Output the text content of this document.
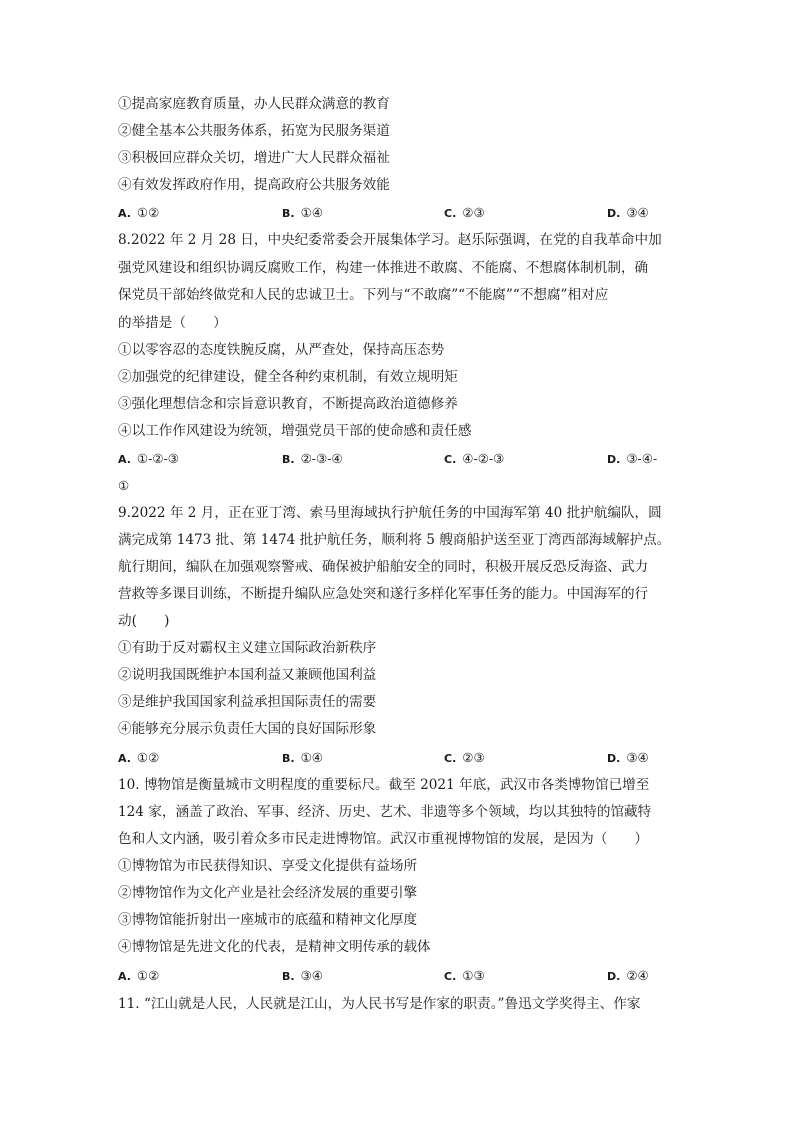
①提高家庭教育质量，办人民群众满意的教育
②健全基本公共服务体系，拓宽为民服务渠道
③积极回应群众关切，增进广大人民群众福祉
④有效发挥政府作用，提高政府公共服务效能
A. ①②	B. ①④	C. ②③	D. ③④
8.2022 年 2 月 28 日，中央纪委常委会开展集体学习。赵乐际强调，在党的自我革命中加
强党风建设和组织协调反腐败工作，构建一体推进不敢腐、不能腐、不想腐体制机制，确
保党员干部始终做党和人民的忠诚卫士。下列与“不敢腐”“不能腐”“不想腐”相对应
的举措是（　　）
①以零容忍的态度铁腕反腐，从严查处，保持高压态势
②加强党的纪律建设，健全各种约束机制，有效立规明矩
③强化理想信念和宗旨意识教育，不断提高政治道德修养
④以工作作风建设为统领，增强党员干部的使命感和责任感
A. ①-②-③	B. ②-③-④	C. ④-②-③	D. ③-④-
①
9.2022 年 2 月，正在亚丁湾、索马里海域执行护航任务的中国海军第 40 批护航编队，圆
满完成第 1473 批、第 1474 批护航任务，顺利将 5 艘商船护送至亚丁湾西部海域解护点。
航行期间，编队在加强观察警戒、确保被护船舶安全的同时，积极开展反恐反海盗、武力
营救等多课目训练，不断提升编队应急处突和遂行多样化军事任务的能力。中国海军的行
动(　　)
①有助于反对霸权主义建立国际政治新秩序
②说明我国既维护本国利益又兼顾他国利益
③是维护我国国家利益承担国际责任的需要
④能够充分展示负责任大国的良好国际形象
A. ①②	B. ①④	C. ②③	D. ③④
10. 博物馆是衡量城市文明程度的重要标尺。截至 2021 年底，武汉市各类博物馆已增至
124 家，涵盖了政治、军事、经济、历史、艺术、非遗等多个领域，均以其独特的馆藏特
色和人文内涵，吸引着众多市民走进博物馆。武汉市重视博物馆的发展，是因为（　　）
①博物馆为市民获得知识、享受文化提供有益场所
②博物馆作为文化产业是社会经济发展的重要引擎
③博物馆能折射出一座城市的底蕴和精神文化厚度
④博物馆是先进文化的代表，是精神文明传承的载体
A. ①②	B. ③④	C. ①③	D. ②④
11. “江山就是人民，人民就是江山，为人民书写是作家的职责。”鲁迅文学奖得主、作家
